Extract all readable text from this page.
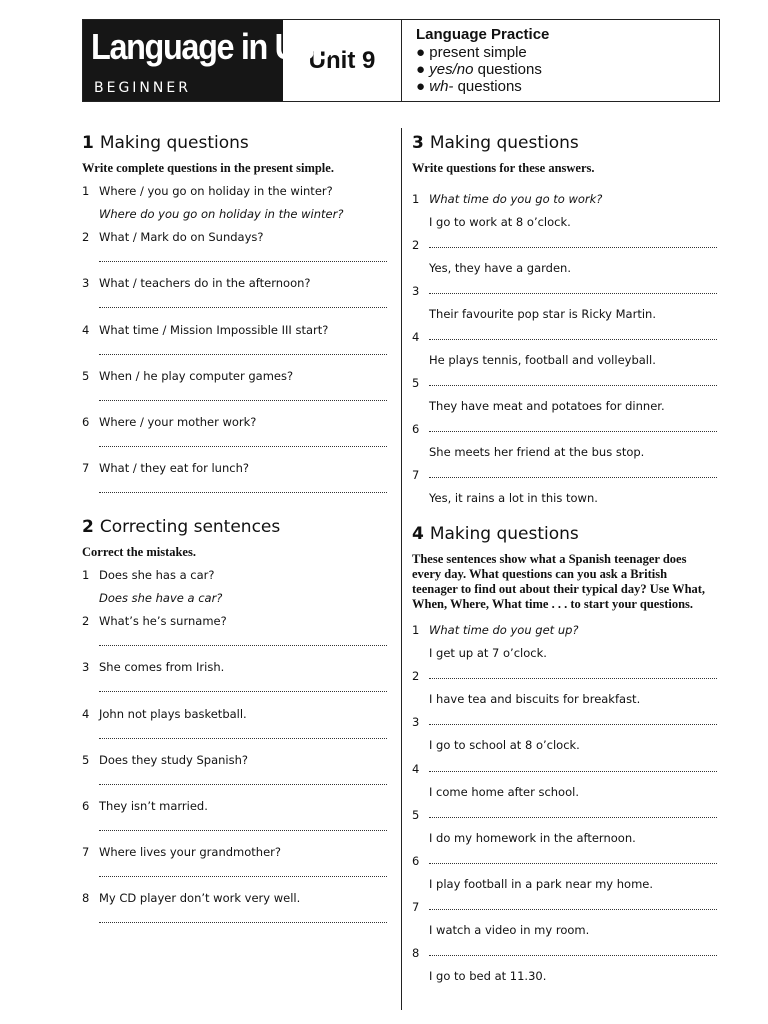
Language in Use
BEGINNER
Unit 9
Language Practice
● present simple
● yes/no questions
● wh- questions
1 Making questions
Write complete questions in the present simple.
1 Where / you go on holiday in the winter?
Where do you go on holiday in the winter?
2 What / Mark do on Sundays?
3 What / teachers do in the afternoon?
4 What time / Mission Impossible III start?
5 When / he play computer games?
6 Where / your mother work?
7 What / they eat for lunch?
2 Correcting sentences
Correct the mistakes.
1 Does she has a car?
Does she have a car?
2 What’s he’s surname?
3 She comes from Irish.
4 John not plays basketball.
5 Does they study Spanish?
6 They isn’t married.
7 Where lives your grandmother?
8 My CD player don’t work very well.
3 Making questions
Write questions for these answers.
1 What time do you go to work?
I go to work at 8 o’clock.
2
Yes, they have a garden.
3
Their favourite pop star is Ricky Martin.
4
He plays tennis, football and volleyball.
5
They have meat and potatoes for dinner.
6
She meets her friend at the bus stop.
7
Yes, it rains a lot in this town.
4 Making questions
These sentences show what a Spanish teenager does
every day. What questions can you ask a British
teenager to find out about their typical day? Use What,
When, Where, What time . . . to start your questions.
1 What time do you get up?
I get up at 7 o’clock.
2
I have tea and biscuits for breakfast.
3
I go to school at 8 o’clock.
4
I come home after school.
5
I do my homework in the afternoon.
6
I play football in a park near my home.
7
I watch a video in my room.
8
I go to bed at 11.30.
